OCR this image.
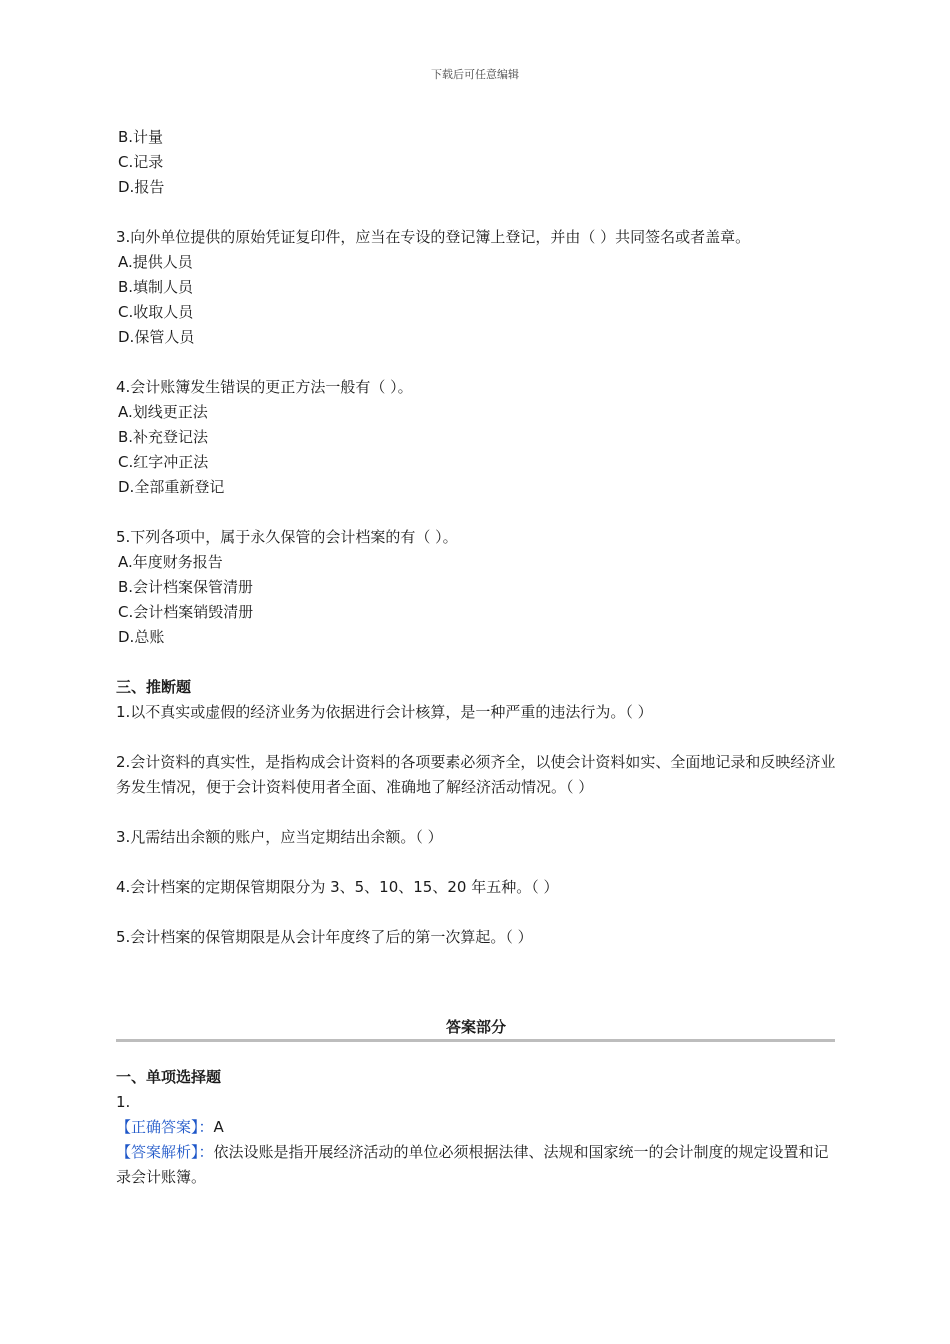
下载后可任意编辑
B.计量
C.记录
D.报告
3.向外单位提供的原始凭证复印件，应当在专设的登记簿上登记，并由（ ）共同签名或者盖章。
A.提供人员
B.填制人员
C.收取人员
D.保管人员
4.会计账簿发生错误的更正方法一般有（ ）。
A.划线更正法
B.补充登记法
C.红字冲正法
D.全部重新登记
5.下列各项中，属于永久保管的会计档案的有（ ）。
A.年度财务报告
B.会计档案保管清册
C.会计档案销毁清册
D.总账
三、推断题
1.以不真实或虚假的经济业务为依据进行会计核算，是一种严重的违法行为。（ ）
2.会计资料的真实性，是指构成会计资料的各项要素必须齐全，以使会计资料如实、全面地记录和反映经济业务发生情况，便于会计资料使用者全面、准确地了解经济活动情况。（ ）
3.凡需结出余额的账户，应当定期结出余额。（ ）
4.会计档案的定期保管期限分为 3、5、10、15、20 年五种。（ ）
5.会计档案的保管期限是从会计年度终了后的第一次算起。（ ）
答案部分
一、单项选择题
1.
【正确答案】：A
【答案解析】：依法设账是指开展经济活动的单位必须根据法律、法规和国家统一的会计制度的规定设置和记录会计账簿。
